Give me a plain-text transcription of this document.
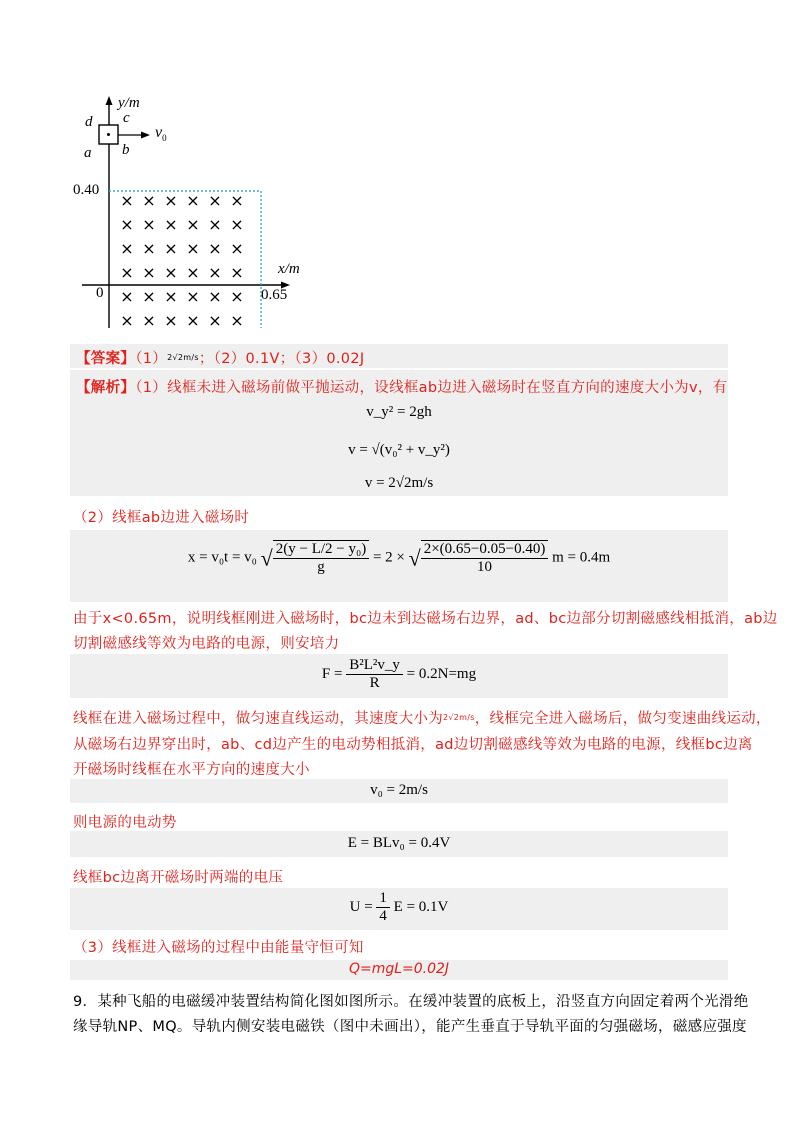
× × × × × ×
× × × × × ×
× × × × × ×
× × × × × ×
× × × × × ×
× × × × × ×
y/m
x/m
d c
a b
$v_0$
0.40
0	0.65
【答案】$(1)^{2√2m/s}$；（2）0.1V；（3）0.02J
【解析】（1）线框未进入磁场前做平抛运动，设线框ab边进入磁场时在竖直方向的速度大小为v，有
v_y² = 2gh
v = √(v₀² + v_y²)
v = 2√2m/s
（2）线框ab边进入磁场时
x = v₀t = v₀ √ $\frac{\text{2(y − L/2 − y₀)}}{g} = 2$ × √ $\frac{2\times(0.65-0.05-0.40)}{10}$ m = 0.4m
由于x<0.65m，说明线框刚进入磁场时，bc边未到达磁场右边界，ad、bc边部分切割磁感线相抵消，ab边
切割磁感线等效为电路的电源，则安培力
$F = \frac{\text{B²L²v\_y}}{R} = 0.2N=mg$
线框在进入磁场过程中，做匀速直线运动，其速度大小为$^{2√2m/s}$，线框完全进入磁场后，做匀变速曲线运动，
从磁场右边界穿出时，ab、cd边产生的电动势相抵消，ad边切割磁感线等效为电路的电源，线框bc边离
开磁场时线框在水平方向的速度大小
v₀ = 2m/s
则电源的电动势
E = BLv₀ = 0.4V
线框bc边离开磁场时两端的电压
$U = \frac{1}{4}$ E = 0.1V
（3）线框进入磁场的过程中由能量守恒可知
Q=mgL=0.02J
9．某种飞船的电磁缓冲装置结构简化图如图所示。在缓冲装置的底板上，沿竖直方向固定着两个光滑绝
缘导轨NP、MQ。导轨内侧安装电磁铁（图中未画出），能产生垂直于导轨平面的匀强磁场，磁感应强度
